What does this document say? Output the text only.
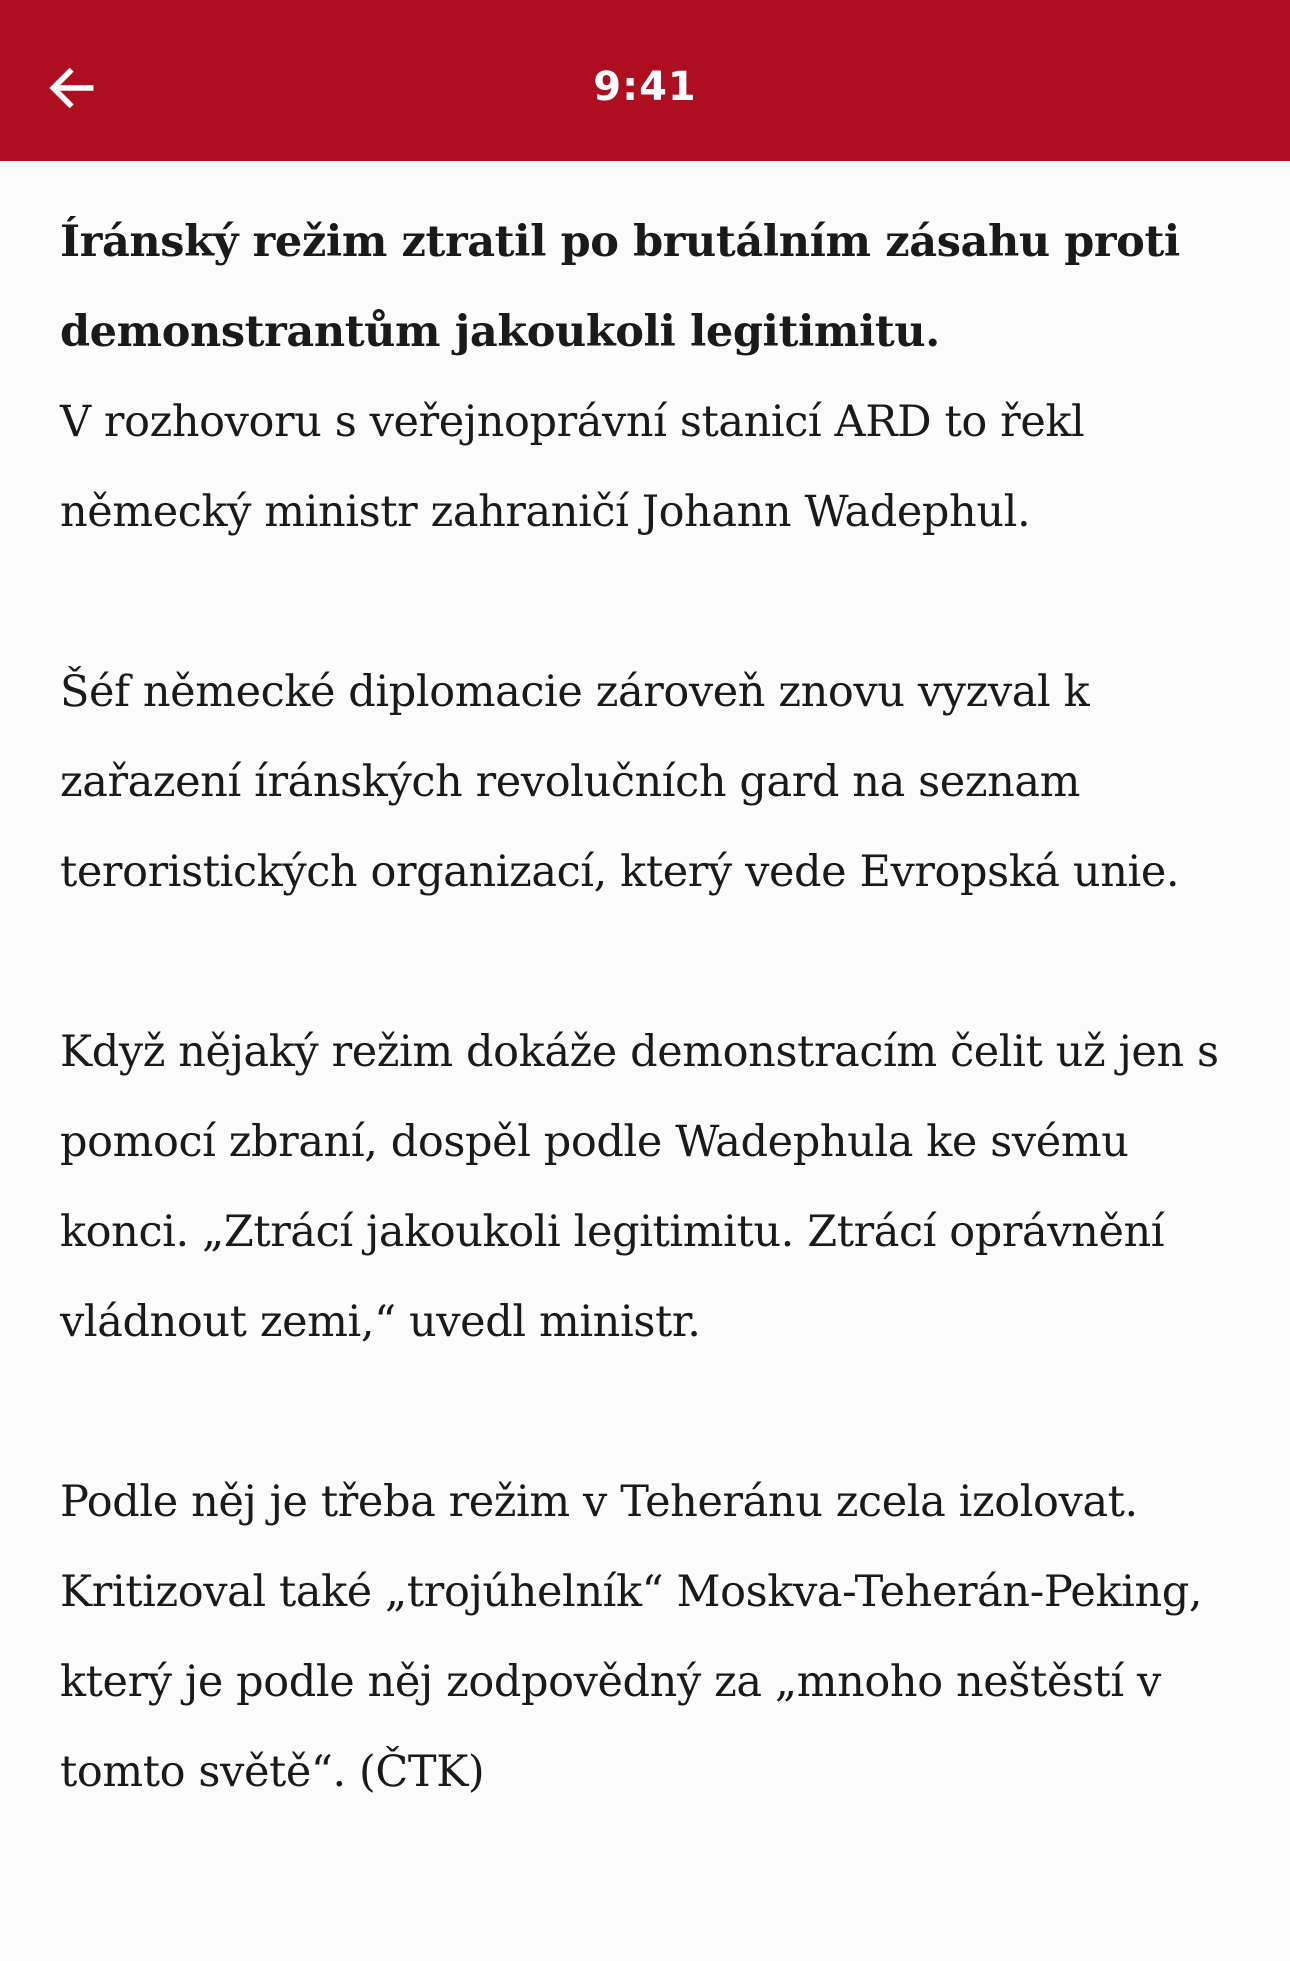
9:41

Íránský režim ztratil po brutálním zásahu proti demonstrantům jakoukoli legitimitu.
V rozhovoru s veřejnoprávní stanicí ARD to řekl německý ministr zahraničí Johann Wadephul.

Šéf německé diplomacie zároveň znovu vyzval k zařazení íránských revolučních gard na seznam teroristických organizací, který vede Evropská unie.

Když nějaký režim dokáže demonstracím čelit už jen s pomocí zbraní, dospěl podle Wadephula ke svému konci. „Ztrácí jakoukoli legitimitu. Ztrácí oprávnění vládnout zemi,“ uvedl ministr.

Podle něj je třeba režim v Teheránu zcela izolovat. Kritizoval také „trojúhelník“ Moskva-Teherán-Peking, který je podle něj zodpovědný za „mnoho neštěstí v tomto světě“. (ČTK)
